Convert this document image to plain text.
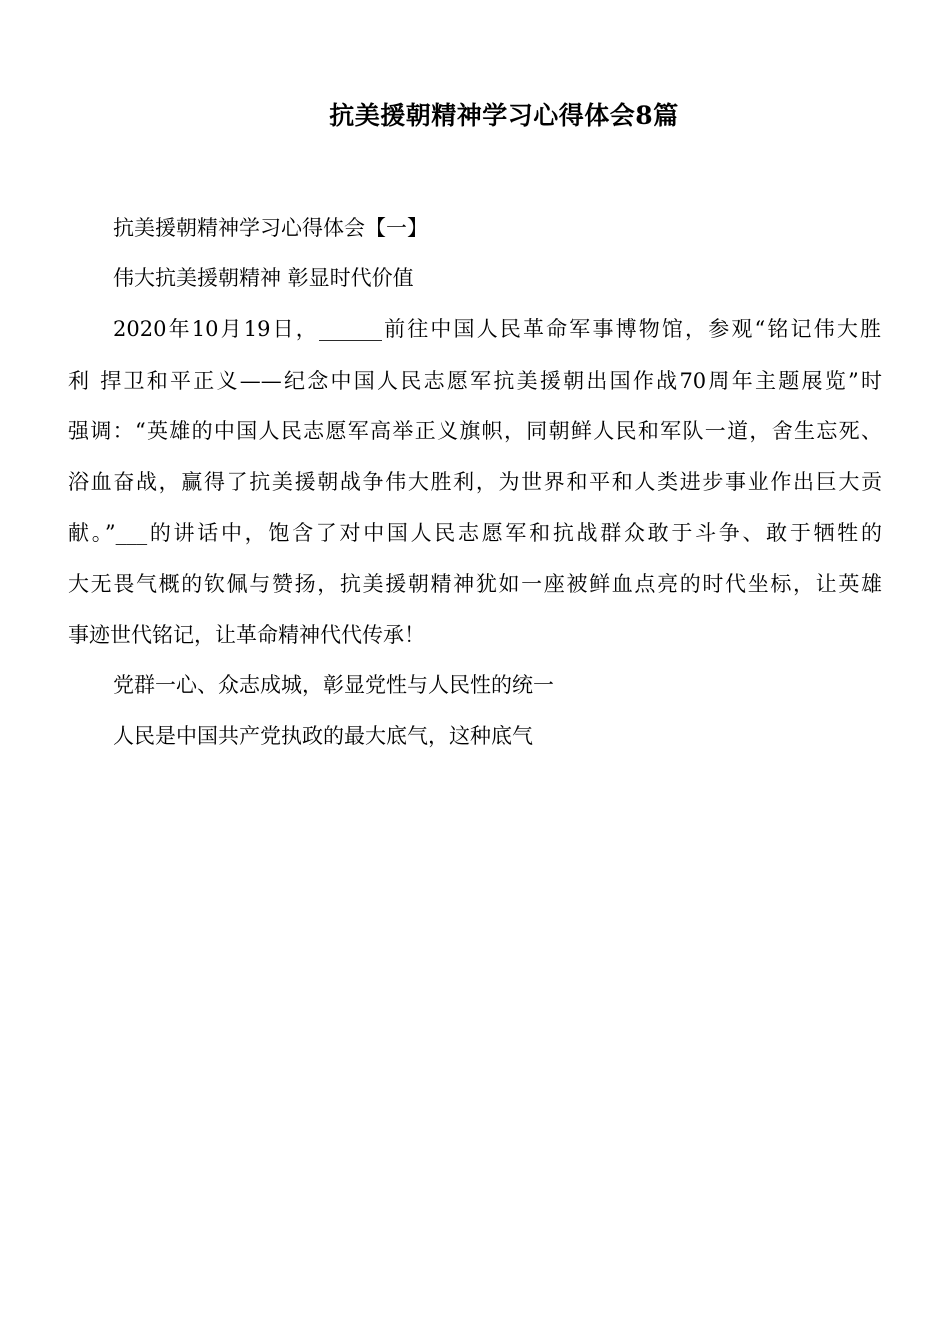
抗美援朝精神学习心得体会8篇
抗美援朝精神学习心得体会【一】
伟大抗美援朝精神 彰显时代价值
2020年10月19日，______前往中国人民革命军事博物馆，参观“铭记伟大胜
利 捍卫和平正义——纪念中国人民志愿军抗美援朝出国作战70周年主题展览”时
强调：“英雄的中国人民志愿军高举正义旗帜，同朝鲜人民和军队一道，舍生忘死、
浴血奋战，赢得了抗美援朝战争伟大胜利，为世界和平和人类进步事业作出巨大贡
献。”___的讲话中，饱含了对中国人民志愿军和抗战群众敢于斗争、敢于牺牲的
大无畏气概的钦佩与赞扬，抗美援朝精神犹如一座被鲜血点亮的时代坐标，让英雄
事迹世代铭记，让革命精神代代传承！
党群一心、众志成城，彰显党性与人民性的统一
人民是中国共产党执政的最大底气，这种底气
